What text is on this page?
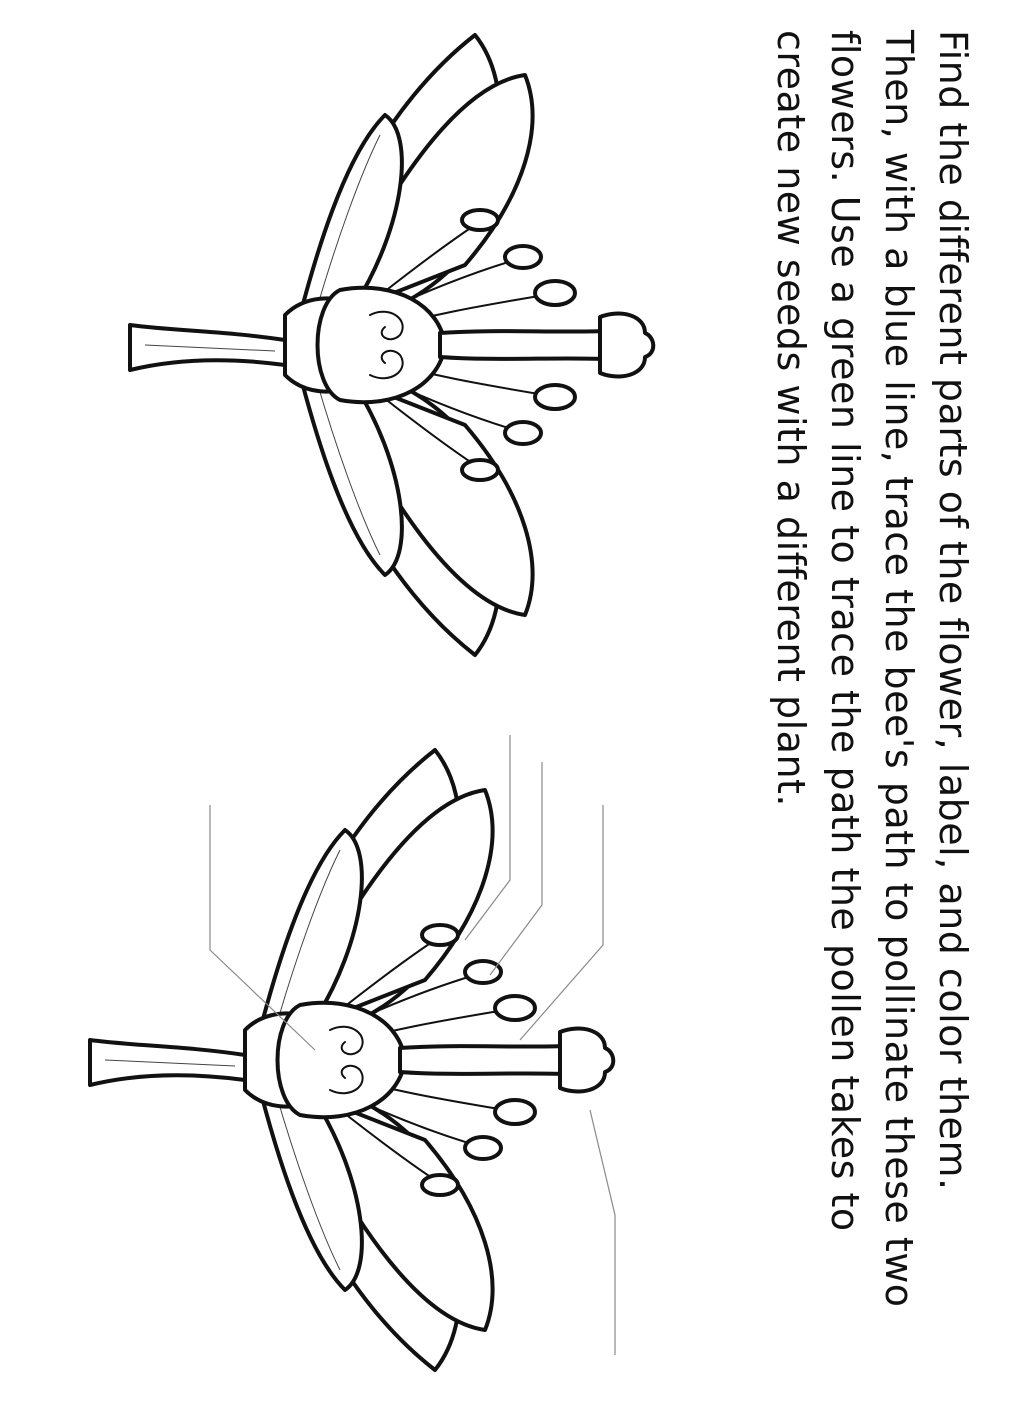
Find the different parts of the flower, label, and color them.

Then, with a blue line, trace the bee's path to pollinate these two

flowers. Use a green line to trace the path the pollen takes to

create new seeds with a different plant.
